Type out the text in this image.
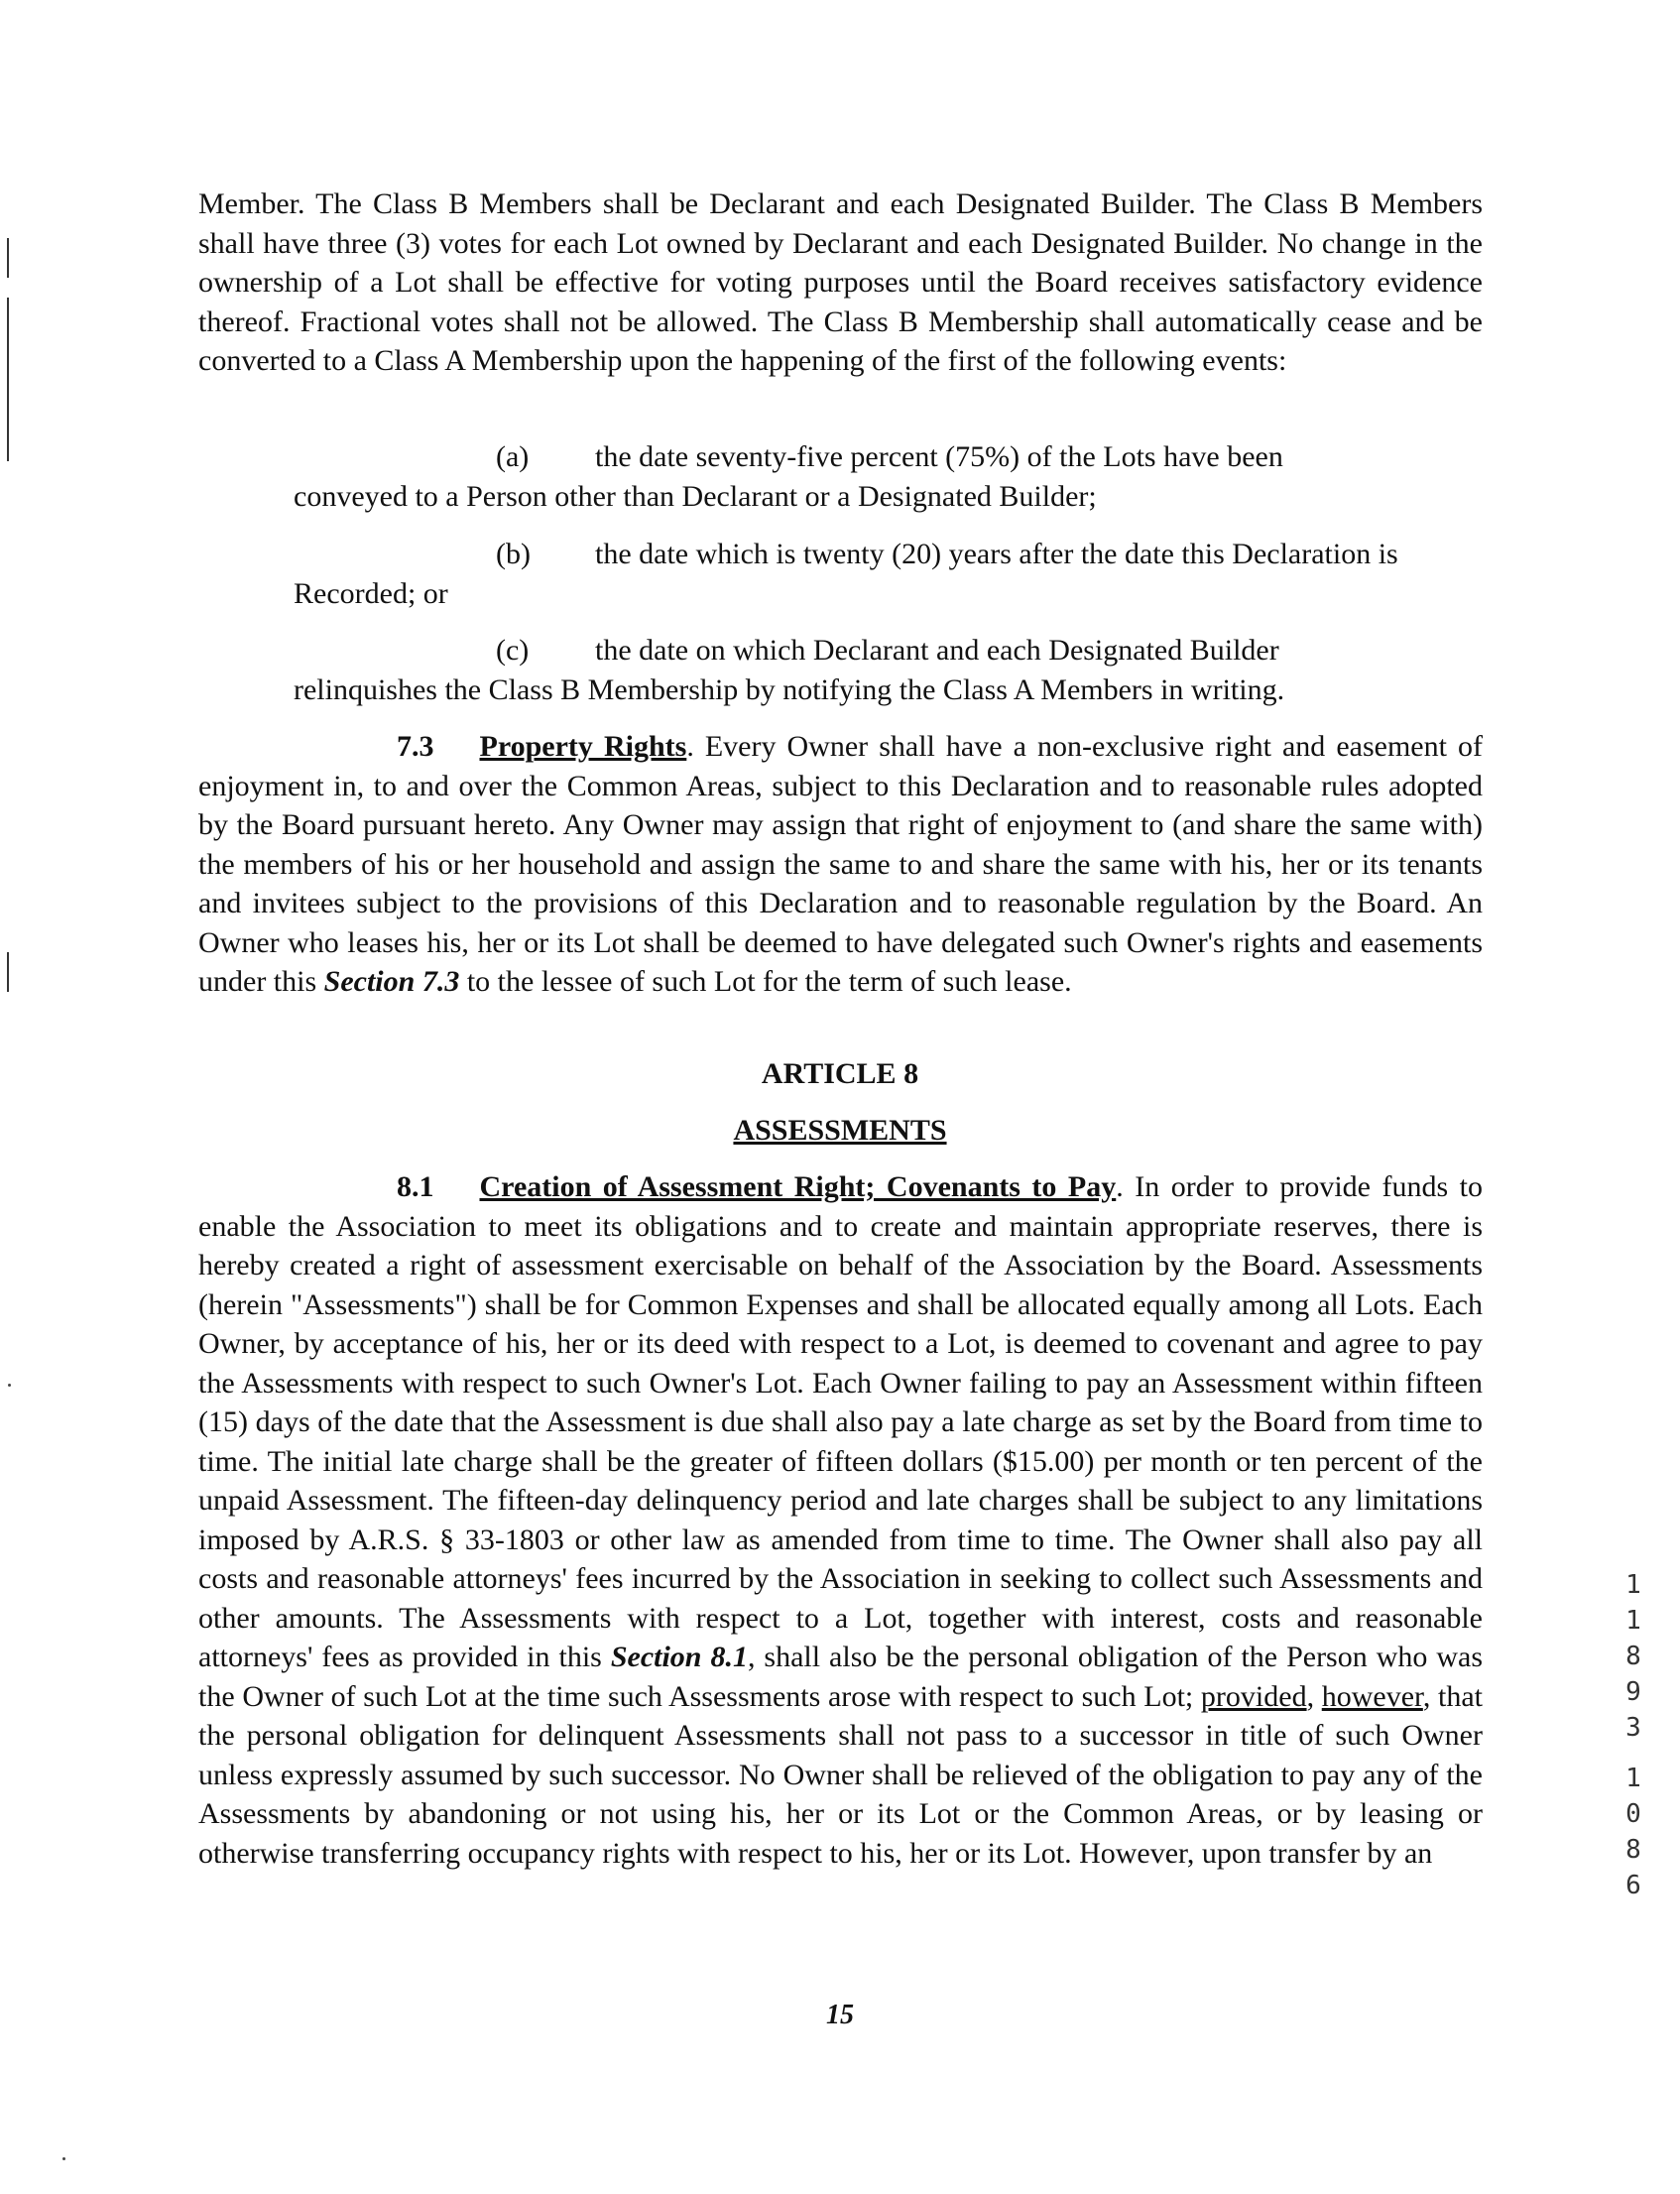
Member. The Class B Members shall be Declarant and each Designated Builder. The Class B Members shall have three (3) votes for each Lot owned by Declarant and each Designated Builder. No change in the ownership of a Lot shall be effective for voting purposes until the Board receives satisfactory evidence thereof. Fractional votes shall not be allowed. The Class B Membership shall automatically cease and be converted to a Class A Membership upon the happening of the first of the following events:

(a) the date seventy-five percent (75%) of the Lots have been
conveyed to a Person other than Declarant or a Designated Builder;
(b) the date which is twenty (20) years after the date this Declaration is
Recorded; or
(c) the date on which Declarant and each Designated Builder
relinquishes the Class B Membership by notifying the Class A Members in writing.

7.3 Property Rights. Every Owner shall have a non-exclusive right and easement of enjoyment in, to and over the Common Areas, subject to this Declaration and to reasonable rules adopted by the Board pursuant hereto. Any Owner may assign that right of enjoyment to (and share the same with) the members of his or her household and assign the same to and share the same with his, her or its tenants and invitees subject to the provisions of this Declaration and to reasonable regulation by the Board. An Owner who leases his, her or its Lot shall be deemed to have delegated such Owner's rights and easements under this Section 7.3 to the lessee of such Lot for the term of such lease.

ARTICLE 8
ASSESSMENTS

8.1 Creation of Assessment Right; Covenants to Pay. In order to provide funds to enable the Association to meet its obligations and to create and maintain appropriate reserves, there is hereby created a right of assessment exercisable on behalf of the Association by the Board. Assessments (herein "Assessments") shall be for Common Expenses and shall be allocated equally among all Lots. Each Owner, by acceptance of his, her or its deed with respect to a Lot, is deemed to covenant and agree to pay the Assessments with respect to such Owner's Lot. Each Owner failing to pay an Assessment within fifteen (15) days of the date that the Assessment is due shall also pay a late charge as set by the Board from time to time. The initial late charge shall be the greater of fifteen dollars ($15.00) per month or ten percent of the unpaid Assessment. The fifteen-day delinquency period and late charges shall be subject to any limitations imposed by A.R.S. § 33-1803 or other law as amended from time to time. The Owner shall also pay all costs and reasonable attorneys' fees incurred by the Association in seeking to collect such Assessments and other amounts. The Assessments with respect to a Lot, together with interest, costs and reasonable attorneys' fees as provided in this Section 8.1, shall also be the personal obligation of the Person who was the Owner of such Lot at the time such Assessments arose with respect to such Lot; provided, however, that the personal obligation for delinquent Assessments shall not pass to a successor in title of such Owner unless expressly assumed by such successor. No Owner shall be relieved of the obligation to pay any of the Assessments by abandoning or not using his, her or its Lot or the Common Areas, or by leasing or otherwise transferring occupancy rights with respect to his, her or its Lot. However, upon transfer by an

1
1
8
9
3
1
0
8
6
15
